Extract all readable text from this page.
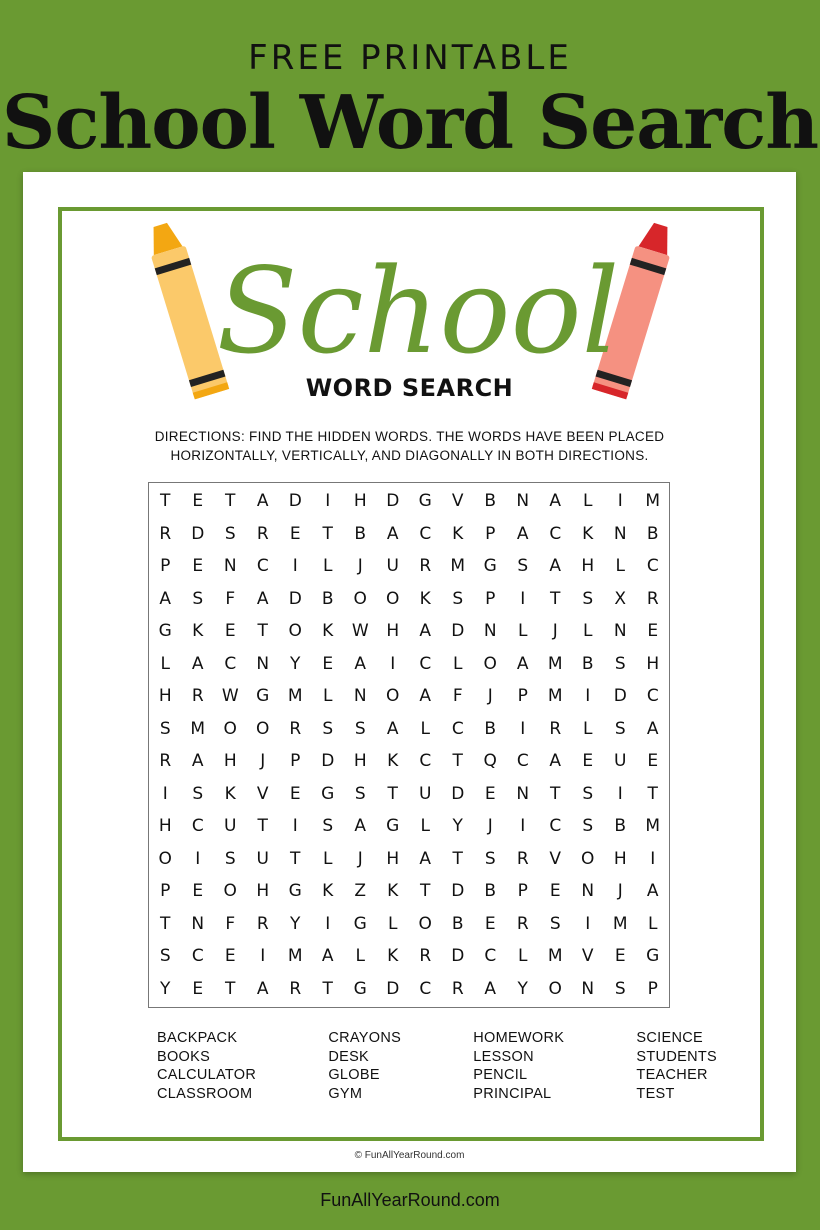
FREE PRINTABLE
School Word Search
School
WORD SEARCH
DIRECTIONS: FIND THE HIDDEN WORDS. THE WORDS HAVE BEEN PLACED
HORIZONTALLY, VERTICALLY, AND DIAGONALLY IN BOTH DIRECTIONS.
T	E	T	A	D	I	H	D	G	V	B	N	A	L	I	M
R	D	S	R	E	T	B	A	C	K	P	A	C	K	N	B
P	E	N	C	I	L	J	U	R	M	G	S	A	H	L	C
A	S	F	A	D	B	O	O	K	S	P	I	T	S	X	R
G	K	E	T	O	K	W	H	A	D	N	L	J	L	N	E
L	A	C	N	Y	E	A	I	C	L	O	A	M	B	S	H
H	R	W	G	M	L	N	O	A	F	J	P	M	I	D	C
S	M	O	O	R	S	S	A	L	C	B	I	R	L	S	A
R	A	H	J	P	D	H	K	C	T	Q	C	A	E	U	E
I	S	K	V	E	G	S	T	U	D	E	N	T	S	I	T
H	C	U	T	I	S	A	G	L	Y	J	I	C	S	B	M
O	I	S	U	T	L	J	H	A	T	S	R	V	O	H	I
P	E	O	H	G	K	Z	K	T	D	B	P	E	N	J	A
T	N	F	R	Y	I	G	L	O	B	E	R	S	I	M	L
S	C	E	I	M	A	L	K	R	D	C	L	M	V	E	G
Y	E	T	A	R	T	G	D	C	R	A	Y	O	N	S	P
BACKPACK
BOOKS
CALCULATOR
CLASSROOM
CRAYONS
DESK
GLOBE
GYM
HOMEWORK
LESSON
PENCIL
PRINCIPAL
SCIENCE
STUDENTS
TEACHER
TEST
© FunAllYearRound.com
FunAllYearRound.com
